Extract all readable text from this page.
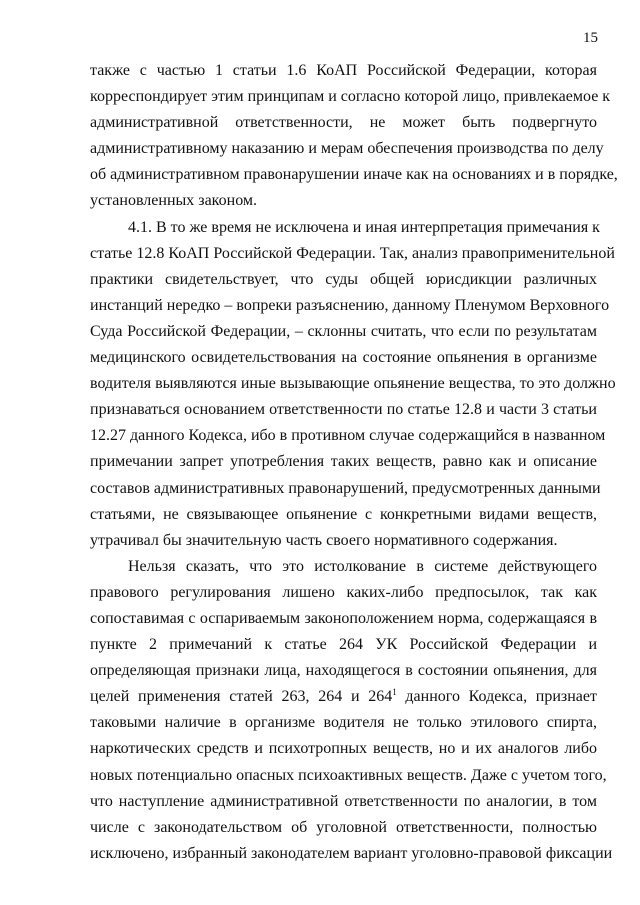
15
также с частью 1 статьи 1.6 КоАП Российской Федерации, которая
корреспондирует этим принципам и согласно которой лицо, привлекаемое к
административной ответственности, не может быть подвергнуто
административному наказанию и мерам обеспечения производства по делу
об административном правонарушении иначе как на основаниях и в порядке,
установленных законом.
4.1. В то же время не исключена и иная интерпретация примечания к
статье 12.8 КоАП Российской Федерации. Так, анализ правоприменительной
практики свидетельствует, что суды общей юрисдикции различных
инстанций нередко – вопреки разъяснению, данному Пленумом Верховного
Суда Российской Федерации, – склонны считать, что если по результатам
медицинского освидетельствования на состояние опьянения в организме
водителя выявляются иные вызывающие опьянение вещества, то это должно
признаваться основанием ответственности по статье 12.8 и части 3 статьи
12.27 данного Кодекса, ибо в противном случае содержащийся в названном
примечании запрет употребления таких веществ, равно как и описание
составов административных правонарушений, предусмотренных данными
статьями, не связывающее опьянение с конкретными видами веществ,
утрачивал бы значительную часть своего нормативного содержания.
Нельзя сказать, что это истолкование в системе действующего
правового регулирования лишено каких-либо предпосылок, так как
сопоставимая с оспариваемым законоположением норма, содержащаяся в
пункте 2 примечаний к статье 264 УК Российской Федерации и
определяющая признаки лица, находящегося в состоянии опьянения, для
целей применения статей 263, 264 и $264^1$ данного Кодекса, признает
таковыми наличие в организме водителя не только этилового спирта,
наркотических средств и психотропных веществ, но и их аналогов либо
новых потенциально опасных психоактивных веществ. Даже с учетом того,
что наступление административной ответственности по аналогии, в том
числе с законодательством об уголовной ответственности, полностью
исключено, избранный законодателем вариант уголовно-правовой фиксации
